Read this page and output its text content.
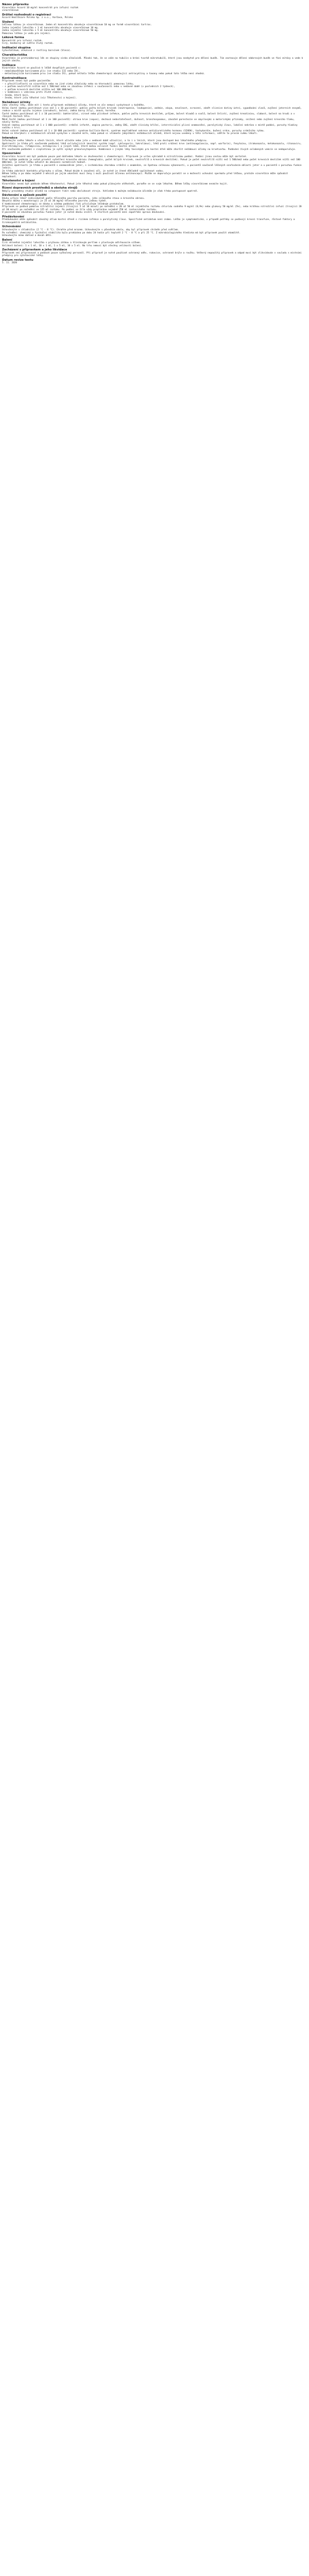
Název přípravku

Vinorelbin Accord 10 mg/ml koncentrát pro infuzní roztok

vinorelbinum

Držitel rozhodnutí o registraci

Accord Healthcare Polska Sp. z o.o., Varšava, Polsko

Složení

Léčivou látkou je vinorelbinum. Jeden ml koncentrátu obsahuje vinorelbinum 10 mg ve formě vinorelbini tartras.

Jedna injekční lahvička s 1 ml koncentrátu obsahuje vinorelbinum 10 mg.

Jedna injekční lahvička s 5 ml koncentrátu obsahuje vinorelbinum 50 mg.

Pomocnou látkou je voda pro injekci.

Léková forma

Koncentrát pro infuzní roztok.

Čirý, bezbarvý až světle žlutý roztok.

Indikační skupina

Cytostatikum, alkaloid z rostliny barvínek (Vinca).

Charakteristika

Vinorelbin je protinádorový lék ze skupiny vinka alkaloidů. Působí tak, že se váže na tubulin a brání tvorbě mikrotubulů, které jsou nezbytné pro dělení buněk. Tím zastavuje dělení nádorových buněk ve fázi mitózy a vede k jejich zániku.

Indikace

Vinorelbin Accord se používá k léčbě dospělých pacientů s:

- nemalobuněčným karcinomem plic (ve stadiu III nebo IV),

- metastazujícím karcinomem prsu (ve stadiu IV), pokud selhala léčba chemoterapií obsahující antracykliny a taxany nebo pokud tato léčba není vhodná.

Kontraindikace

Přípravek nesmí být podán pacientům:

- s přecitlivělostí na vinorelbin nebo na jiné vinka alkaloidy nebo na kteroukoli pomocnou látku,

- s počtem neutrofilů nižším než 1 500/mm3 nebo se závažnou infekcí v současnosti nebo v nedávné době (v posledních 2 týdnech),

- s počtem krevních destiček nižším než 100 000/mm3,

- v kombinaci s vakcínou proti žluté zimnici,

- ženám, které kojí,

- ženám, které jsou těhotné (viz Těhotenství a kojení).

Nežádoucí účinky

Jako všechny léky, může mít i tento přípravek nežádoucí účinky, které se ale nemusí vyskytnout u každého.

Velmi časté (mohou postihnout více než 1 z 10 pacientů): pokles počtu bílých krvinek (neutropenie, leukopenie), anémie, zácpa, nevolnost, zvracení, zánět sliznice dutiny ústní, vypadávání vlasů, zvýšení jaterních enzymů, reakce v místě vpichu injekce (zarudnutí, bolest, změna barvy žíly), únava, horečka.

Časté (mohou postihnout až 1 z 10 pacientů): bakteriální, virové nebo plísňové infekce, pokles počtu krevních destiček, průjem, bolest kloubů a svalů, bolest čelistí, zvýšení kreatininu, slabost, bolest na hrudi a v různých částech těla.

Méně časté (mohou postihnout až 1 ze 100 pacientů): otrava krve (sepse), dechová nedostatečnost, dušnost, bronchospasmus, závažné parestezie se smyslovými a motorickými příznaky, snížení nebo zvýšení krevního tlaku, návaly horka.

Vzácné (mohou postihnout až 1 z 1 000 pacientů): srdeční infarkt, angina pectoris, změny EKG, zánět slinivky břišní, intersticiální plicní onemocnění, paralytický ileus, lokální nekróza v místě podání, poruchy hladiny sodíku v krvi.

Velmi vzácné (mohou postihnout až 1 z 10 000 pacientů): syndrom Guillain-Barré, syndrom nepřiměřené sekrece antidiuretického hormonu (SIADH), tachykardie, bušení srdce, poruchy srdečního rytmu.

Pokud se kterýkoli z nežádoucích účinků vyskytne v závažné míře, nebo pokud si všimnete jakýchkoli nežádoucích účinků, které nejsou uvedeny v této informaci, sdělte to prosím svému lékaři.

Interakce

Informujte svého lékaře o všech lécích, které užíváte nebo jste v nedávné době užíval(a), a to i o lécích, které jsou dostupné bez lékařského předpisu.

Opatrnosti je třeba při současném podávání léků ovlivňujících imunitní systém (např. cyklosporin, takrolimus), léků proti srážení krve (antikoagulancia, např. warfarin), fenytoinu, itrakonazolu, ketokonazolu, ritonaviru, klarithromycinu, rifampicinu, mitomycinu C a jiných léků, které mohou ovlivnit funkci kostní dřeně.

Při současném podávání s cisplatinou je vyšší výskyt granulocytopenie. Kombinace s jinými léky toxickými pro kostní dřeň může zhoršit nežádoucí účinky na krvetvorbu. Podávání živých oslabených vakcín se nedoporučuje.

Upozornění

Vinorelbin Accord smí být podáván pouze pod dohledem lékaře se zkušenostmi s chemoterapií. Přípravek je určen výhradně k nitrožilnímu podání. Podání jinou cestou může být smrtelné.

Před každým podáním je nutné provést vyšetření krevního obrazu (hemoglobin, počet bílých krvinek, neutrofilů a krevních destiček). Pokud je počet neutrofilů nižší než 1 500/mm3 nebo počet krevních destiček nižší než 100 000/mm3, je nutné léčbu odložit do obnovení normálních hodnot.

Zvláštní opatrnosti je třeba u pacientů s onemocněním jater, s ischemickou chorobou srdeční v anamnéze, se špatnou celkovou výkonností, u pacientů současně léčených ozařováním oblasti jater a u pacientů s poruchou funkce ledvin.

Je třeba zabránit kontaktu přípravku s očima. Pokud dojde k zasažení očí, je nutné je ihned důkladně vypláchnout vodou.

Během léčby a po dobu nejméně 3 měsíců po jejím ukončení musí ženy i muži používat účinnou antikoncepci. Mužům se doporučuje poradit se o možnosti uchování spermatu před léčbou, protože vinorelbin může způsobit neplodnost.

Těhotenství a kojení

Vinorelbin nesmí být podáván během těhotenství. Pokud jste těhotná nebo pokud plánujete otěhotnět, poraďte se se svým lékařem. Během léčby vinorelbinem nesmíte kojit.

Řízení dopravních prostředků a obsluha strojů

Nebyly provedeny studie účinků na schopnost řídit nebo obsluhovat stroje. Vzhledem k možným nežádoucím účinkům je však třeba postupovat opatrně.

Dávkování a způsob použití

Dávku určuje lékař individuálně podle tělesného povrchu pacienta, jeho celkového stavu a krevního obrazu.

Obvyklá dávka v monoterapii je 25 až 30 mg/m2 tělesného povrchu jednou týdně.

V kombinované chemoterapii se dávka a schéma podávání řídí příslušným léčebným protokolem.

Přípravek se podává pomalou nitrožilní injekcí (trvající 5 až 10 minut) po naředění v 20 až 50 ml injekčního roztoku chloridu sodného 9 mg/ml (0,9%) nebo glukosy 50 mg/ml (5%), nebo krátkou nitrožilní infuzí (trvající 20 až 30 minut) po naředění ve 125 ml roztoku. Po podání se žíla vždy propláchne nejméně 250 ml izotonického roztoku.

U pacientů se závažnou poruchou funkce jater je nutné dávku snížit. U starších pacientů není zapotřebí úprava dávkování.

Předávkování

Předávkování může způsobit závažný útlum kostní dřeně s rizikem infekce a paralytický ileus. Specifické antidotum není známo. Léčba je symptomatická, v případě potřeby se podávají krevní transfuze, růstové faktory a širokospektrá antibiotika.

Uchovávání

Uchovávejte v chladničce (2 °C - 8 °C). Chraňte před mrazem. Uchovávejte v původním obalu, aby byl přípravek chráněn před světlem.

Po naředění: chemická a fyzikální stabilita byla prokázána po dobu 24 hodin při teplotě 2 °C - 8 °C a při 25 °C. Z mikrobiologického hlediska má být přípravek použit okamžitě.

Uchovávejte mimo dohled a dosah dětí.

Balení

Čirá skleněná injekční lahvička s pryžovou zátkou a hliníkovým pertlem s plastovým odtrhovacím víčkem.

Velikost balení: 1 x 1 ml, 10 x 1 ml, 1 x 5 ml, 10 x 5 ml. Na trhu nemusí být všechny velikosti balení.

Zacházení s přípravkem a jeho likvidace

Přípravek smí připravovat a podávat pouze vyškolený personál. Při přípravě je nutné používat ochranný oděv, rukavice, ochranné brýle a roušku. Veškerý nepoužitý přípravek a odpad musí být zlikvidován v souladu s místními předpisy pro cytotoxické látky.

Datum revize textu

5. 11. 2020
